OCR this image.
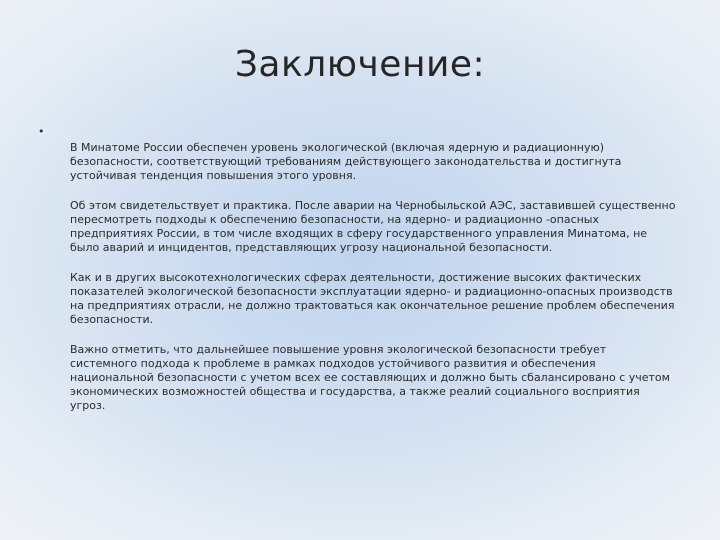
Заключение:
•

В Минатоме России обеспечен уровень экологической (включая ядерную и радиационную) безопасности, соответствующий требованиям действующего законодательства и достигнута устойчивая тенденция повышения этого уровня.

Об этом свидетельствует и практика. После аварии на Чернобыльской АЭС, заставившей существенно пересмотреть подходы к обеспечению безопасности, на ядерно- и радиационно -опасных предприятиях России, в том числе входящих в сферу государственного управления Минатома, не было аварий и инцидентов, представляющих угрозу национальной безопасности.

Как и в других высокотехнологических сферах деятельности, достижение высоких фактических показателей экологической безопасности эксплуатации ядерно- и радиационно-опасных производств на предприятиях отрасли, не должно трактоваться как окончательное решение проблем обеспечения безопасности.

Важно отметить, что дальнейшее повышение уровня экологической безопасности требует системного подхода к проблеме в рамках подходов устойчивого развития и обеспечения национальной безопасности с учетом всех ее составляющих и должно быть сбалансировано с учетом экономических возможностей общества и государства, а также реалий социального восприятия угроз.
